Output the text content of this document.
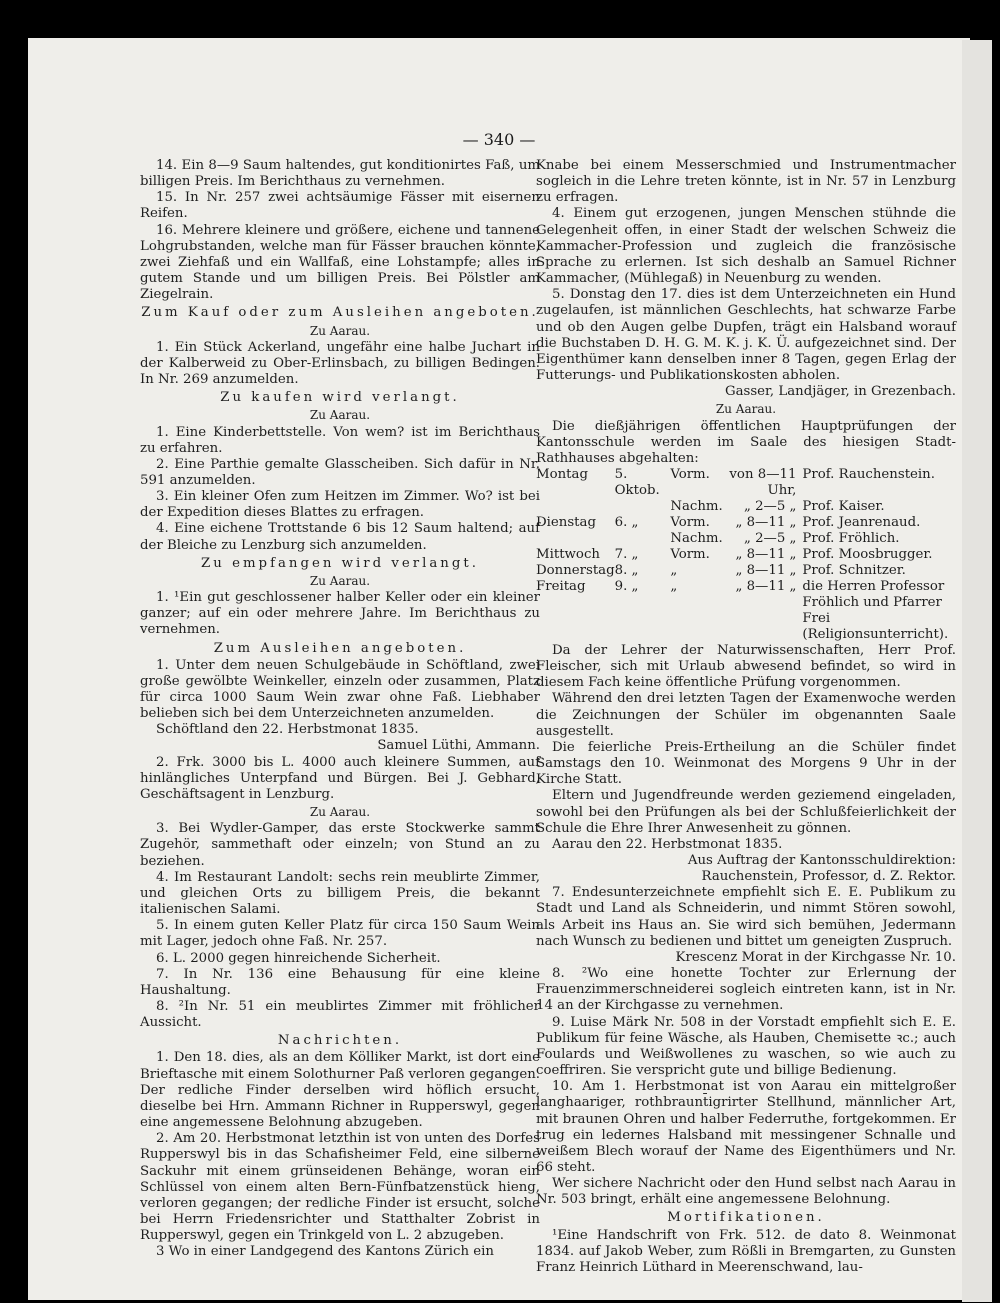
— 340 —
14. Ein 8—9 Saum haltendes, gut konditionirtes Faß, um billigen Preis. Im Berichthaus zu vernehmen.
15. In Nr. 257 zwei achtsäumige Fässer mit eisernen Reifen.
16. Mehrere kleinere und größere, eichene und tannene Lohgrubstanden, welche man für Fässer brauchen könnte, zwei Ziehfaß und ein Wallfaß, eine Lohstampfe; alles in gutem Stande und um billigen Preis. Bei Pölstler am Ziegelrain.
Zum Kauf oder zum Ausleihen angeboten.
Zu Aarau.
1. Ein Stück Ackerland, ungefähr eine halbe Juchart in der Kalberweid zu Ober-Erlinsbach, zu billigen Bedingen. In Nr. 269 anzumelden.
Zu kaufen wird verlangt.
Zu Aarau.
1. Eine Kinderbettstelle. Von wem? ist im Berichthaus zu erfahren.
2. Eine Parthie gemalte Glasscheiben. Sich dafür in Nr. 591 anzumelden.
3. Ein kleiner Ofen zum Heitzen im Zimmer. Wo? ist bei der Expedition dieses Blattes zu erfragen.
4. Eine eichene Trottstande 6 bis 12 Saum haltend; auf der Bleiche zu Lenzburg sich anzumelden.
Zu empfangen wird verlangt.
Zu Aarau.
1. ¹Ein gut geschlossener halber Keller oder ein kleiner ganzer; auf ein oder mehrere Jahre. Im Berichthaus zu vernehmen.
Zum Ausleihen angeboten.
1. Unter dem neuen Schulgebäude in Schöftland, zwei große gewölbte Weinkeller, einzeln oder zusammen, Platz für circa 1000 Saum Wein zwar ohne Faß. Liebhaber belieben sich bei dem Unterzeichneten anzumelden.
Schöftland den 22. Herbstmonat 1835.
Samuel Lüthi, Ammann.
2. Frk. 3000 bis L. 4000 auch kleinere Summen, auf hinlängliches Unterpfand und Bürgen. Bei J. Gebhard, Geschäftsagent in Lenzburg.
Zu Aarau.
3. Bei Wydler-Gamper, das erste Stockwerke sammt Zugehör, sammethaft oder einzeln; von Stund an zu beziehen.
4. Im Restaurant Landolt: sechs rein meublirte Zimmer, und gleichen Orts zu billigem Preis, die bekannt italienischen Salami.
5. In einem guten Keller Platz für circa 150 Saum Wein mit Lager, jedoch ohne Faß. Nr. 257.
6. L. 2000 gegen hinreichende Sicherheit.
7. In Nr. 136 eine Behausung für eine kleine Haushaltung.
8. ²In Nr. 51 ein meublirtes Zimmer mit fröhlicher Aussicht.
Nachrichten.
1. Den 18. dies, als an dem Kölliker Markt, ist dort eine Brieftasche mit einem Solothurner Paß verloren gegangen. Der redliche Finder derselben wird höflich ersucht, dieselbe bei Hrn. Ammann Richner in Rupperswyl, gegen eine angemessene Belohnung abzugeben.
2. Am 20. Herbstmonat letzthin ist von unten des Dorfes Rupperswyl bis in das Schafisheimer Feld, eine silberne Sackuhr mit einem grünseidenen Behänge, woran ein Schlüssel von einem alten Bern-Fünfbatzenstück hieng, verloren gegangen; der redliche Finder ist ersucht, solche bei Herrn Friedensrichter und Statthalter Zobrist in Rupperswyl, gegen ein Trinkgeld von L. 2 abzugeben.
3 Wo in einer Landgegend des Kantons Zürich ein
Knabe bei einem Messerschmied und Instrumentmacher sogleich in die Lehre treten könnte, ist in Nr. 57 in Lenzburg zu erfragen.
4. Einem gut erzogenen, jungen Menschen stühnde die Gelegenheit offen, in einer Stadt der welschen Schweiz die Kammacher-Profession und zugleich die französische Sprache zu erlernen. Ist sich deshalb an Samuel Richner Kammacher, (Mühlegaß) in Neuenburg zu wenden.
5. Donstag den 17. dies ist dem Unterzeichneten ein Hund zugelaufen, ist männlichen Geschlechts, hat schwarze Farbe und ob den Augen gelbe Dupfen, trägt ein Halsband worauf die Buchstaben D. H. G. M. K. j. K. Ü. aufgezeichnet sind. Der Eigenthümer kann denselben inner 8 Tagen, gegen Erlag der Futterungs- und Publikationskosten abholen.
Gasser, Landjäger, in Grezenbach.
Zu Aarau.
Die dießjährigen öffentlichen Hauptprüfungen der Kantonsschule werden im Saale des hiesigen Stadt-Rathhauses abgehalten:
Montag	5. Oktob.	Vorm.	von 8—11 Uhr,	Prof. Rauchenstein.
		Nachm.	„ 2—5 „	Prof. Kaiser.
Dienstag	6. „	Vorm.	„ 8—11 „	Prof. Jeanrenaud.
		Nachm.	„ 2—5 „	Prof. Fröhlich.
Mittwoch	7. „	Vorm.	„ 8—11 „	Prof. Moosbrugger.
Donnerstag	8. „	„	„ 8—11 „	Prof. Schnitzer.
Freitag	9. „	„	„ 8—11 „	die Herren Professor Fröhlich und Pfarrer Frei (Religionsunterricht).
Da der Lehrer der Naturwissenschaften, Herr Prof. Fleischer, sich mit Urlaub abwesend befindet, so wird in diesem Fach keine öffentliche Prüfung vorgenommen.
Während den drei letzten Tagen der Examenwoche werden die Zeichnungen der Schüler im obgenannten Saale ausgestellt.
Die feierliche Preis-Ertheilung an die Schüler findet Samstags den 10. Weinmonat des Morgens 9 Uhr in der Kirche Statt.
Eltern und Jugendfreunde werden geziemend eingeladen, sowohl bei den Prüfungen als bei der Schlußfeierlichkeit der Schule die Ehre Ihrer Anwesenheit zu gönnen.
Aarau den 22. Herbstmonat 1835.
Aus Auftrag der Kantonsschuldirektion:
Rauchenstein, Professor, d. Z. Rektor.
7. Endesunterzeichnete empfiehlt sich E. E. Publikum zu Stadt und Land als Schneiderin, und nimmt Stören sowohl, als Arbeit ins Haus an. Sie wird sich bemühen, Jedermann nach Wunsch zu bedienen und bittet um geneigten Zuspruch.
Krescenz Morat in der Kirchgasse Nr. 10.
8. ²Wo eine honette Tochter zur Erlernung der Frauenzimmerschneiderei sogleich eintreten kann, ist in Nr. 14 an der Kirchgasse zu vernehmen.
9. Luise Märk Nr. 508 in der Vorstadt empfiehlt sich E. E. Publikum für feine Wäsche, als Hauben, Chemisette ꝛc.; auch Foulards und Weißwollenes zu waschen, so wie auch zu coeffriren. Sie verspricht gute und billige Bedienung.
10. Am 1. Herbstmonat ist von Aarau ein mittelgroßer langhaariger, rothbraunt̄igrirter Stellhund, männlicher Art, mit braunen Ohren und halber Federruthe, fortgekommen. Er trug ein ledernes Halsband mit messingener Schnalle und weißem Blech worauf der Name des Eigenthümers und Nr. 66 steht.
Wer sichere Nachricht oder den Hund selbst nach Aarau in Nr. 503 bringt, erhält eine angemessene Belohnung.
Mortifikationen.
¹Eine Handschrift von Frk. 512. de dato 8. Weinmonat 1834. auf Jakob Weber, zum Rößli in Bremgarten, zu Gunsten Franz Heinrich Lüthard in Meerenschwand, lau-
